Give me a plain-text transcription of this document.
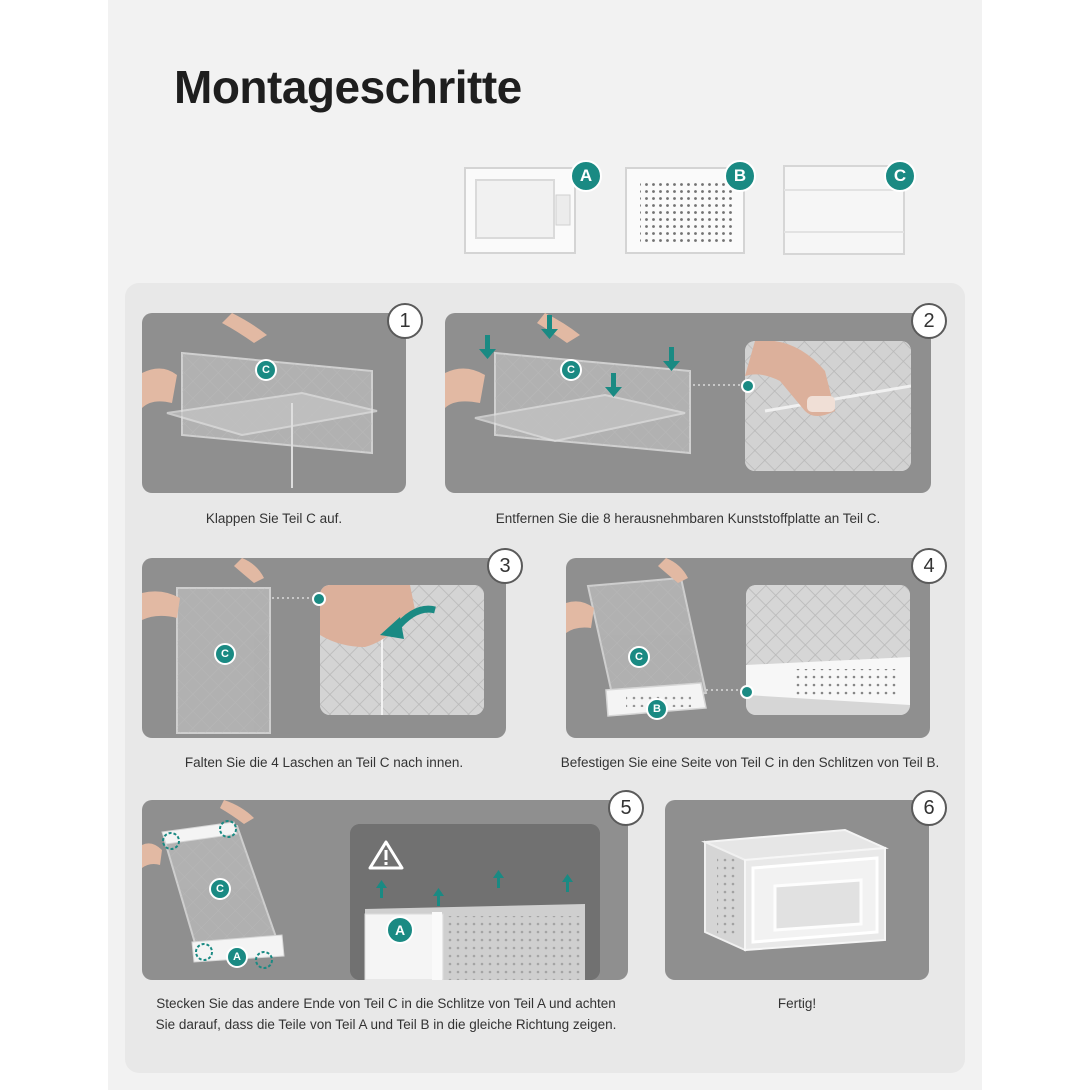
Montageschritte
A	B	C
C
1
Klappen Sie Teil C auf.
C
2
Entfernen Sie die 8 herausnehmbaren Kunststoffplatte an Teil C.
C
3
Falten Sie die 4 Laschen an Teil C nach innen.
C
B
4
Befestigen Sie eine Seite von Teil C in den Schlitzen von Teil B.
C
A
A
5
Stecken Sie das andere Ende von Teil C in die Schlitze von Teil A und achten
Sie darauf, dass die Teile von Teil A und Teil B in die gleiche Richtung zeigen.
6
Fertig!
